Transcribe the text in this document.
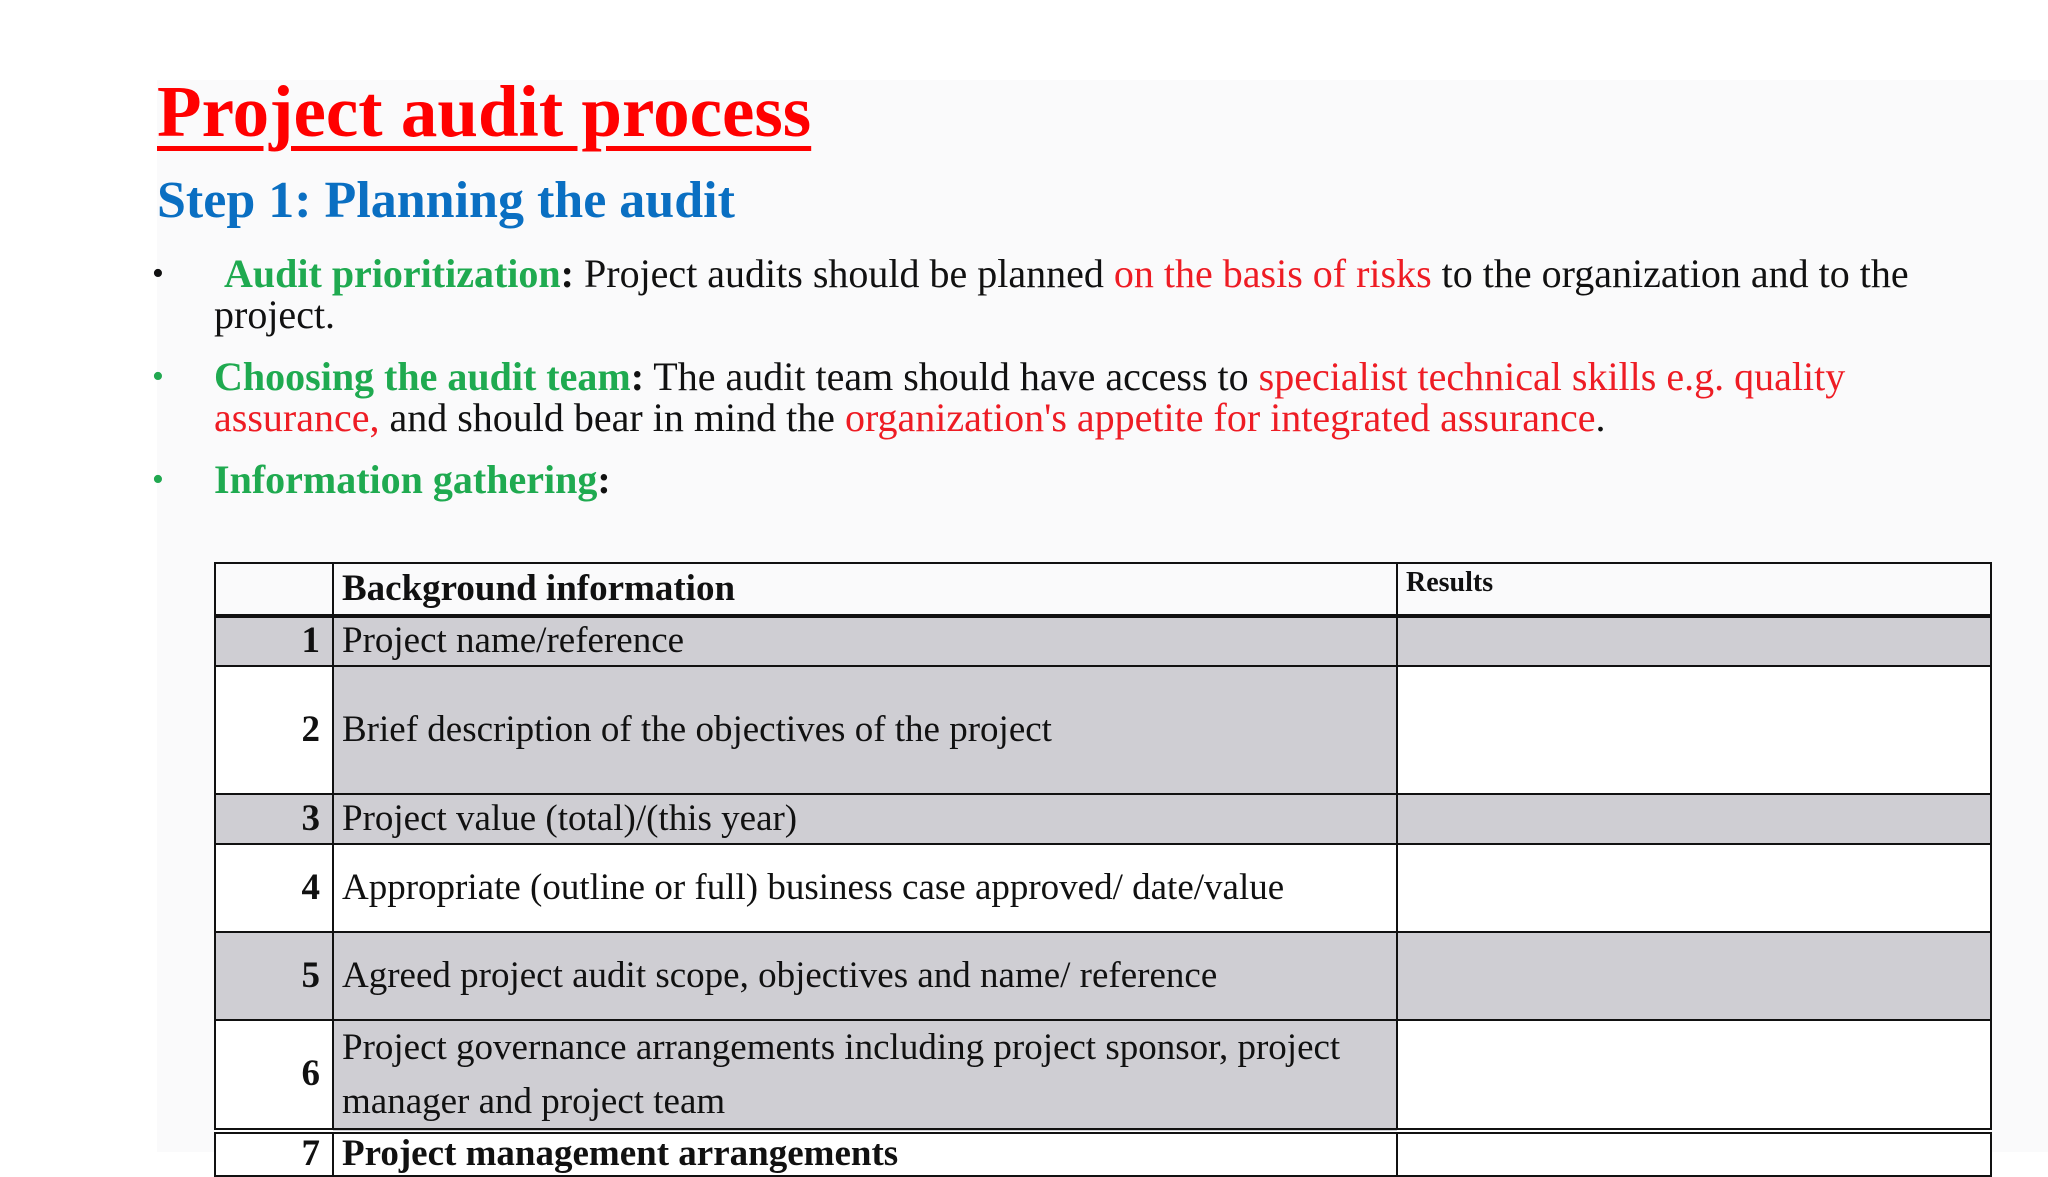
Project audit process
Step 1: Planning the audit
• Audit prioritization: Project audits should be planned on the basis of risks to the organization and to the project.
• Choosing the audit team: The audit team should have access to specialist technical skills e.g. quality assurance, and should bear in mind the organization's appetite for integrated assurance.
• Information gathering:
	Background information	Results
1	Project name/reference	
2	Brief description of the objectives of the project	
3	Project value (total)/(this year)	
4	Appropriate (outline or full) business case approved/ date/value	
5	Agreed project audit scope, objectives and name/ reference	
6	Project governance arrangements including project sponsor, project manager and project team	
7	Project management arrangements	
